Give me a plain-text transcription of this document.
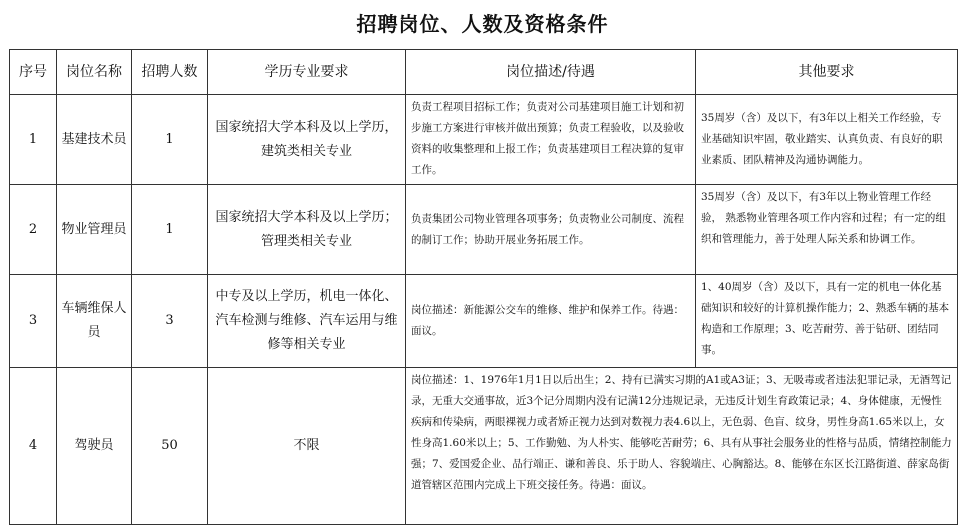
招聘岗位、人数及资格条件
序号	岗位名称	招聘人数	学历专业要求	岗位描述/待遇	其他要求
1	基建技术员	1	国家统招大学本科及以上学历，建筑类相关专业	负责工程项目招标工作；负责对公司基建项目施工计划和初步施工方案进行审核并做出预算；负责工程验收，以及验收资料的收集整理和上报工作；负责基建项目工程决算的复审工作。	35周岁（含）及以下，有3年以上相关工作经验，专业基础知识牢固，敬业踏实、认真负责、有良好的职业素质、团队精神及沟通协调能力。
2	物业管理员	1	国家统招大学本科及以上学历；管理类相关专业	负责集团公司物业管理各项事务；负责物业公司制度、流程的制订工作；协助开展业务拓展工作。	35周岁（含）及以下，有3年以上物业管理工作经验， 熟悉物业管理各项工作内容和过程；有一定的组织和管理能力，善于处理人际关系和协调工作。
3	车辆维保人员	3	中专及以上学历，机电一体化、汽车检测与维修、汽车运用与维修等相关专业	岗位描述：新能源公交车的维修、维护和保养工作。待遇：面议。	1、40周岁（含）及以下，具有一定的机电一体化基础知识和较好的计算机操作能力；2、熟悉车辆的基本构造和工作原理；3、吃苦耐劳、善于钻研、团结同事。
4	驾驶员	50	不限	岗位描述：1、1976年1月1日以后出生；2、持有已满实习期的A1或A3证；3、无吸毒或者违法犯罪记录，无酒驾记录，无重大交通事故，近3个记分周期内没有记满12分违规记录，无违反计划生育政策记录；4、身体健康，无慢性疾病和传染病，两眼裸视力或者矫正视力达到对数视力表4.6以上，无色弱、色盲、纹身，男性身高1.65米以上，女性身高1.60米以上；5、工作勤勉、为人朴实、能够吃苦耐劳；6、具有从事社会服务业的性格与品质，情绪控制能力强；7、爱国爱企业、品行端正、谦和善良、乐于助人、容貌端庄、心胸豁达。8、能够在东区长江路街道、薛家岛街道管辖区范围内完成上下班交接任务。待遇：面议。	
